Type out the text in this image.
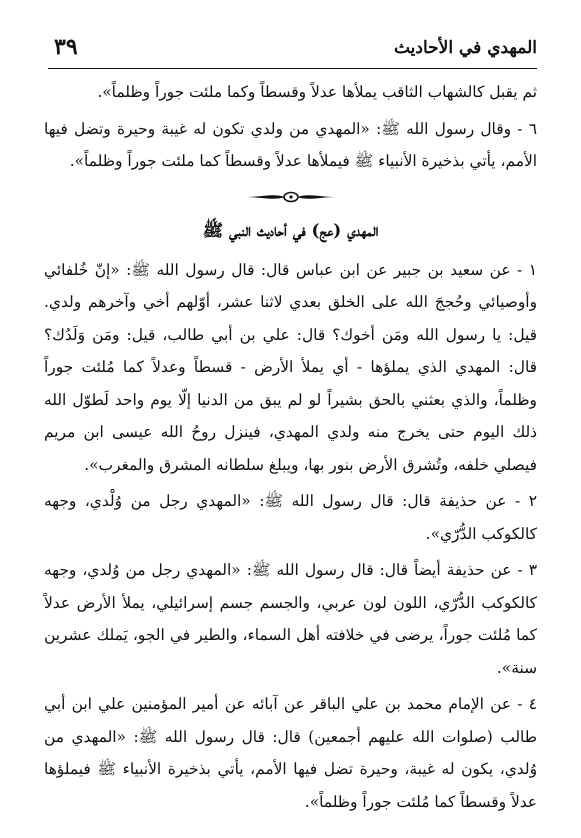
المهدي في الأحاديث
٣٩

ثم يقبل كالشهاب الثاقب يملأها عدلاً وقسطاً وكما ملئت جوراً وظلماً».

٦ - وقال رسول الله ﷺ: «المهدي من ولدي تكون له غيبة وحيرة وتضل فيها الأمم، يأتي بذخيرة الأنبياء ﷺ فيملأها عدلاً وقسطاً كما ملئت جوراً وظلماً».

المهدي (عج) في أحاديث النبي ﷺ

١ - عن سعيد بن جبير عن ابن عباس قال: قال رسول الله ﷺ: «إنّ خُلفائي وأوصيائي وحُججَ الله على الخلق بعدي لاثنا عشر، أوّلهم أخي وآخرهم ولدي. قيل: يا رسول الله ومَن أخوك؟ قال: علي بن أبي طالب، قيل: ومَن وَلَدُك؟ قال: المهدي الذي يملؤها - أي يملأ الأرض - قسطاً وعدلاً كما مُلئت جوراً وظلماً، والذي بعثني بالحق بشيراً لو لم يبق من الدنيا إلّا يوم واحد لَطوّل الله ذلك اليوم حتى يخرج منه ولدي المهدي، فينزل روحُ الله عيسى ابن مريم فيصلي خلفه، وتُشرق الأرض بنور بها، ويبلغ سلطانه المشرق والمغرب».

٢ - عن حذيفة قال: قال رسول الله ﷺ: «المهدي رجل من وُلْدي، وجهه كالكوكب الدُّرّي».

٣ - عن حذيفة أيضاً قال: قال رسول الله ﷺ: «المهدي رجل من وُلدي، وجهه كالكوكب الدُّرّي، اللون لون عربي، والجسم جسم إسرائيلي، يملأ الأرض عدلاً كما مُلئت جوراً، يرضى في خلافته أهل السماء، والطير في الجو، يَملك عشرين سنة».

٤ - عن الإمام محمد بن علي الباقر عن آبائه عن أمير المؤمنين علي ابن أبي طالب (صلوات الله عليهم أجمعين) قال: قال رسول الله ﷺ: «المهدي من وُلدي، يكون له غيبة، وحيرة تضل فيها الأمم، يأتي بذخيرة الأنبياء ﷺ فيملؤها عدلاً وقسطاً كما مُلئت جوراً وظلماً».
